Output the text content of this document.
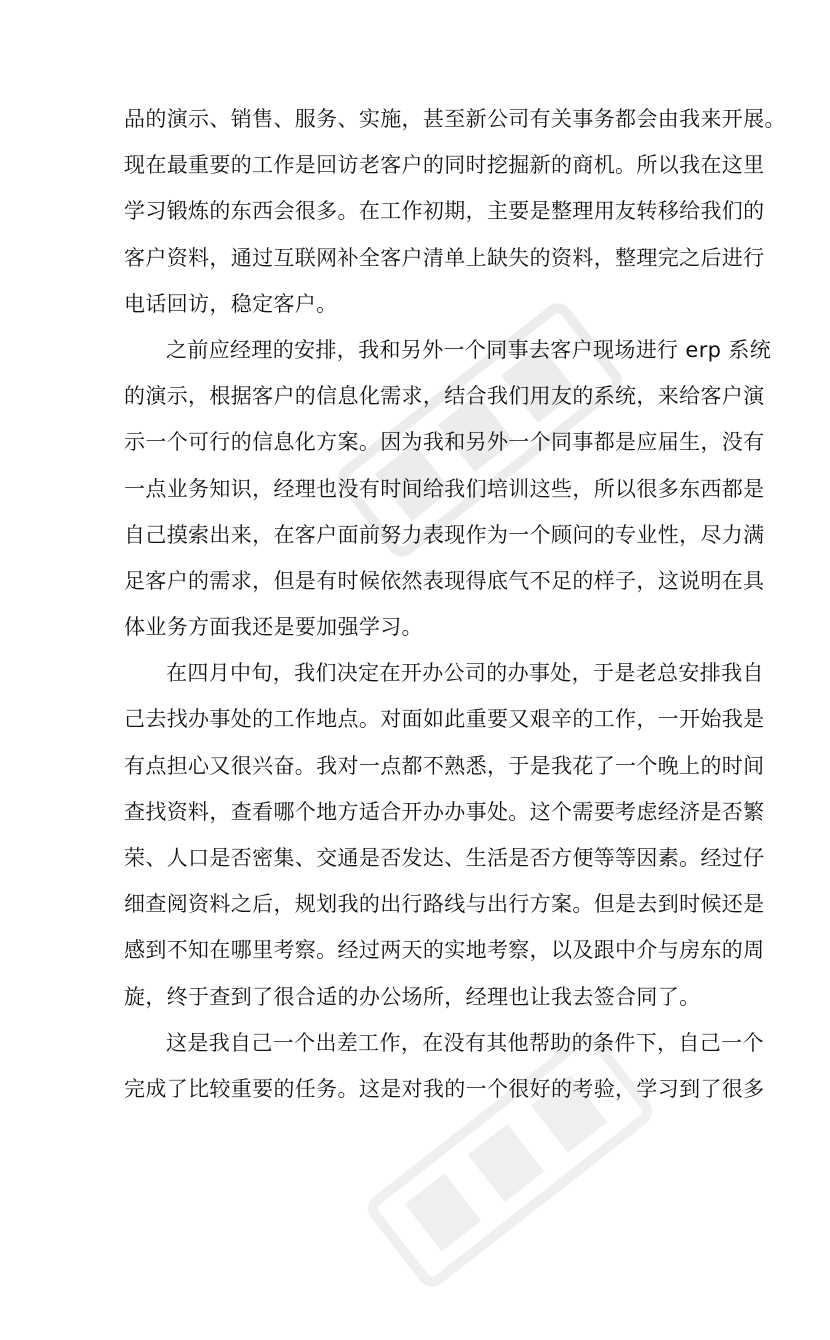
品的演示、销售、服务、实施，甚至新公司有关事务都会由我来开展。
现在最重要的工作是回访老客户的同时挖掘新的商机。所以我在这里
学习锻炼的东西会很多。在工作初期，主要是整理用友转移给我们的
客户资料，通过互联网补全客户清单上缺失的资料，整理完之后进行
电话回访，稳定客户。
之前应经理的安排，我和另外一个同事去客户现场进行 erp 系统
的演示，根据客户的信息化需求，结合我们用友的系统，来给客户演
示一个可行的信息化方案。因为我和另外一个同事都是应届生，没有
一点业务知识，经理也没有时间给我们培训这些，所以很多东西都是
自己摸索出来，在客户面前努力表现作为一个顾问的专业性，尽力满
足客户的需求，但是有时候依然表现得底气不足的样子，这说明在具
体业务方面我还是要加强学习。
在四月中旬，我们决定在开办公司的办事处，于是老总安排我自
己去找办事处的工作地点。对面如此重要又艰辛的工作，一开始我是
有点担心又很兴奋。我对一点都不熟悉，于是我花了一个晚上的时间
查找资料，查看哪个地方适合开办办事处。这个需要考虑经济是否繁
荣、人口是否密集、交通是否发达、生活是否方便等等因素。经过仔
细查阅资料之后，规划我的出行路线与出行方案。但是去到时候还是
感到不知在哪里考察。经过两天的实地考察，以及跟中介与房东的周
旋，终于查到了很合适的办公场所，经理也让我去签合同了。
这是我自己一个出差工作，在没有其他帮助的条件下，自己一个
完成了比较重要的任务。这是对我的一个很好的考验，学习到了很多
